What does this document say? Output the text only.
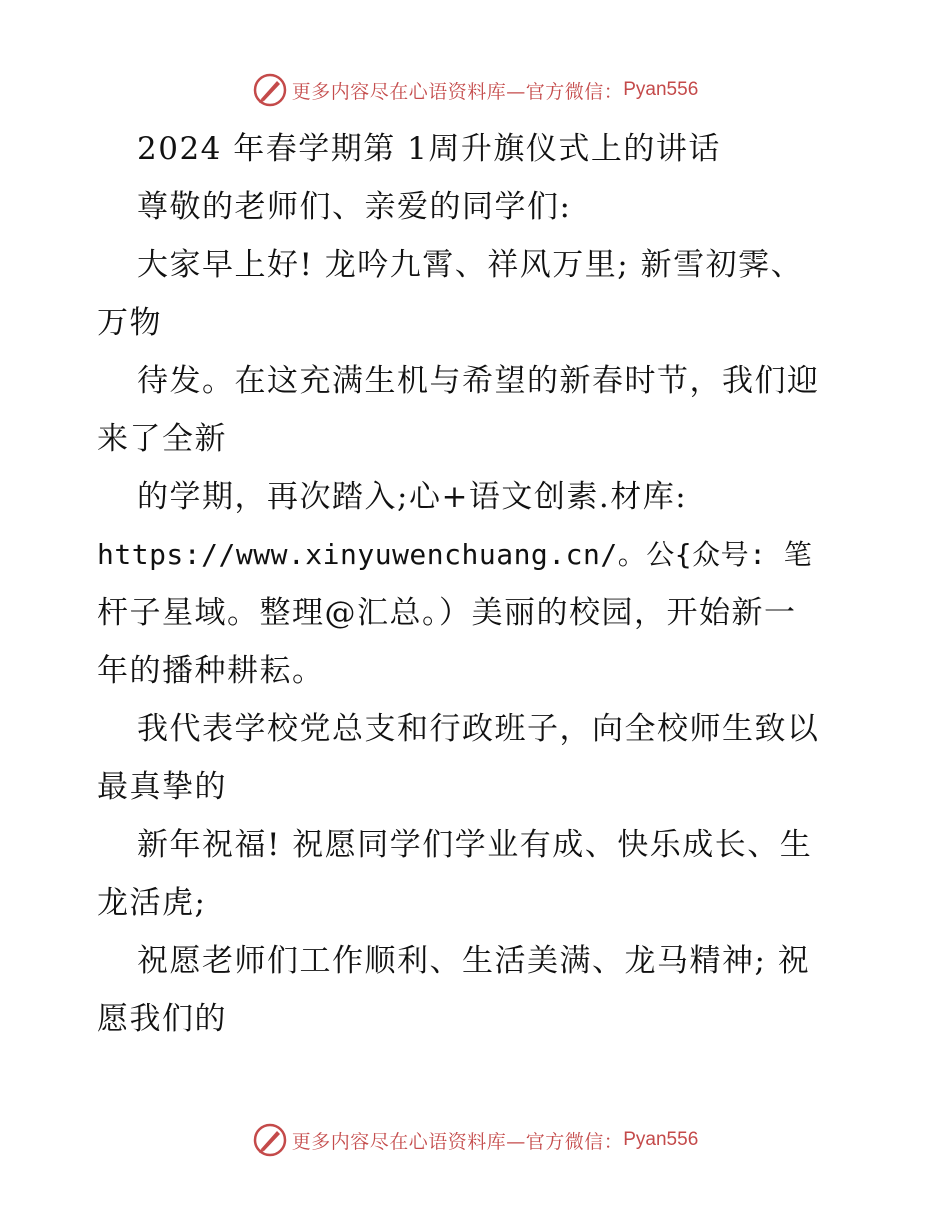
更多内容尽在心语资料库—官方微信： Pyan556
2024 年春学期第 1周升旗仪式上的讲话
尊敬的老师们、亲爱的同学们:
大家早上好! 龙吟九霄、祥风万里; 新雪初霁、
万物
待发。在这充满生机与希望的新春时节，我们迎
来了全新
的学期，再次踏入;心+语文创素.材库:
https://www.xinyuwenchuang.cn/。公{众号: 笔
杆子星域。整理@汇总。）美丽的校园，开始新一
年的播种耕耘。
我代表学校党总支和行政班子，向全校师生致以
最真挚的
新年祝福! 祝愿同学们学业有成、快乐成长、生
龙活虎;
祝愿老师们工作顺利、生活美满、龙马精神; 祝
愿我们的
更多内容尽在心语资料库—官方微信： Pyan556
